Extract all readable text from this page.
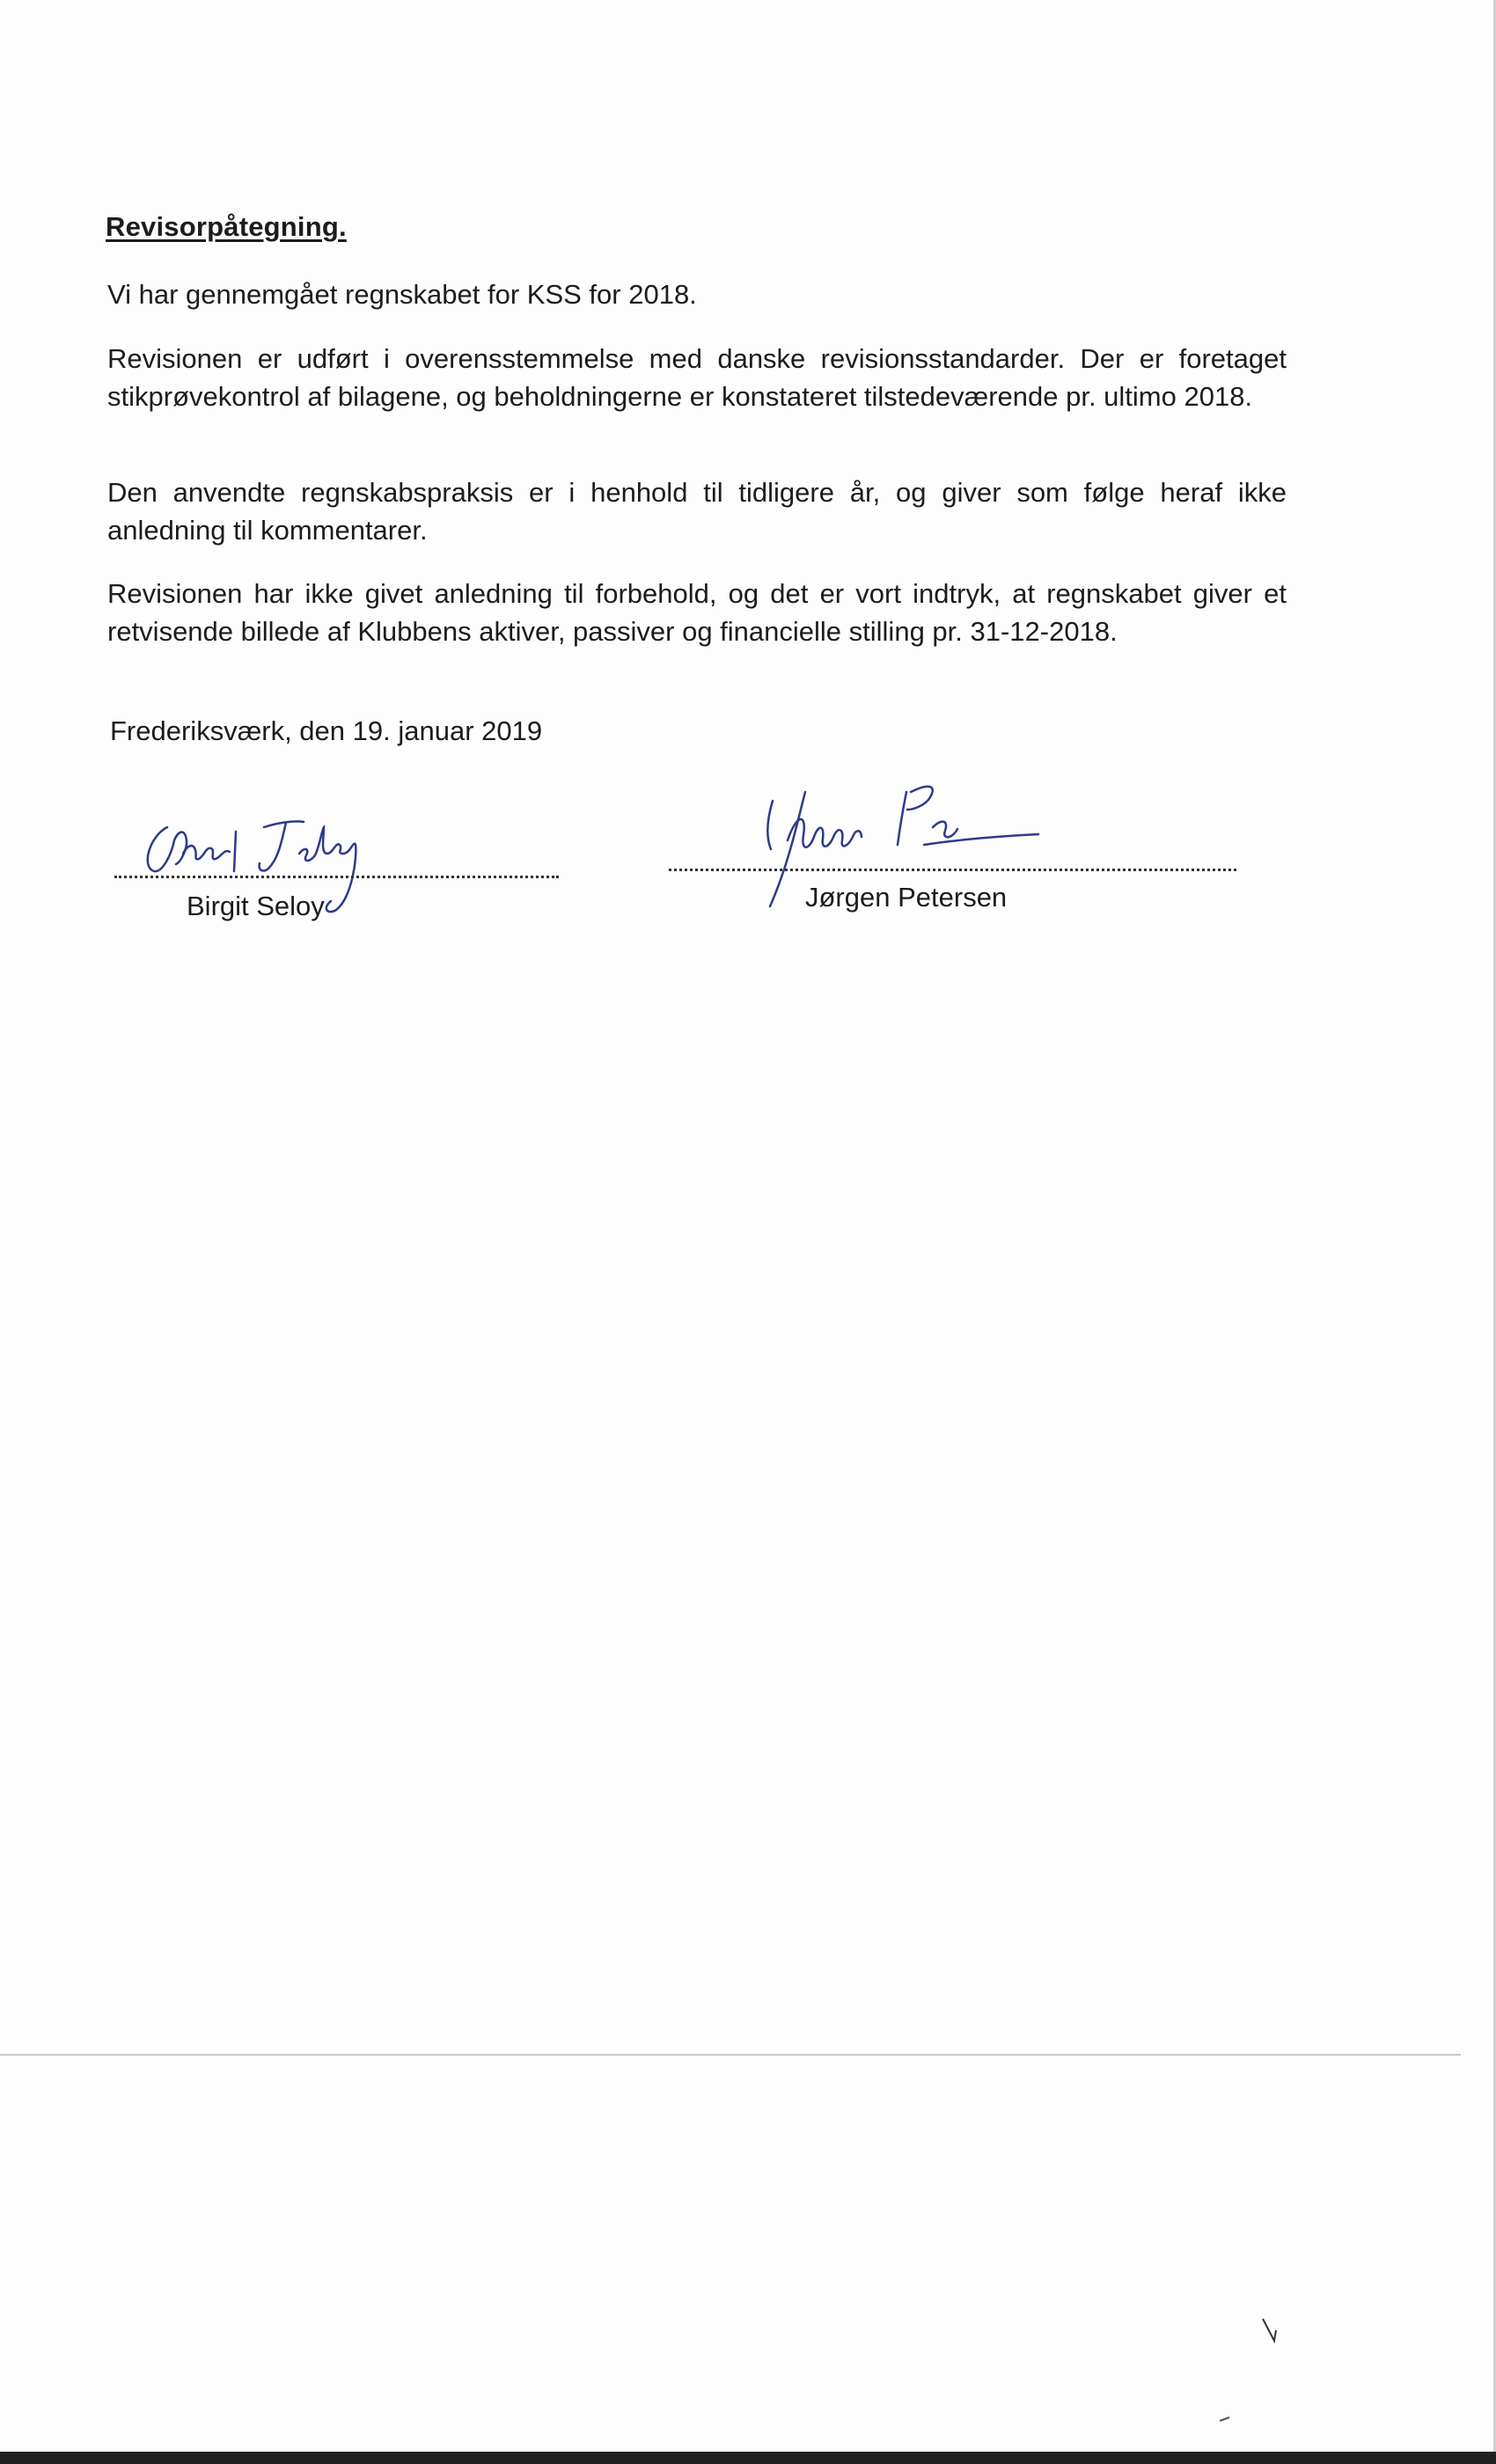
Revisorpåtegning.
Vi har gennemgået regnskabet for KSS for 2018.
Revisionen er udført i overensstemmelse med danske revisionsstandarder. Der er foretaget stikprøvekontrol af bilagene, og beholdningerne er konstateret tilstedeværende pr. ultimo 2018.
Den anvendte regnskabspraksis er i henhold til tidligere år, og giver som følge heraf ikke anledning til kommentarer.
Revisionen har ikke givet anledning til forbehold, og det er vort indtryk, at regnskabet giver et retvisende billede af Klubbens aktiver, passiver og financielle stilling pr. 31-12-2018.
Frederiksværk, den 19. januar 2019
Birgit Seloy	Jørgen Petersen
